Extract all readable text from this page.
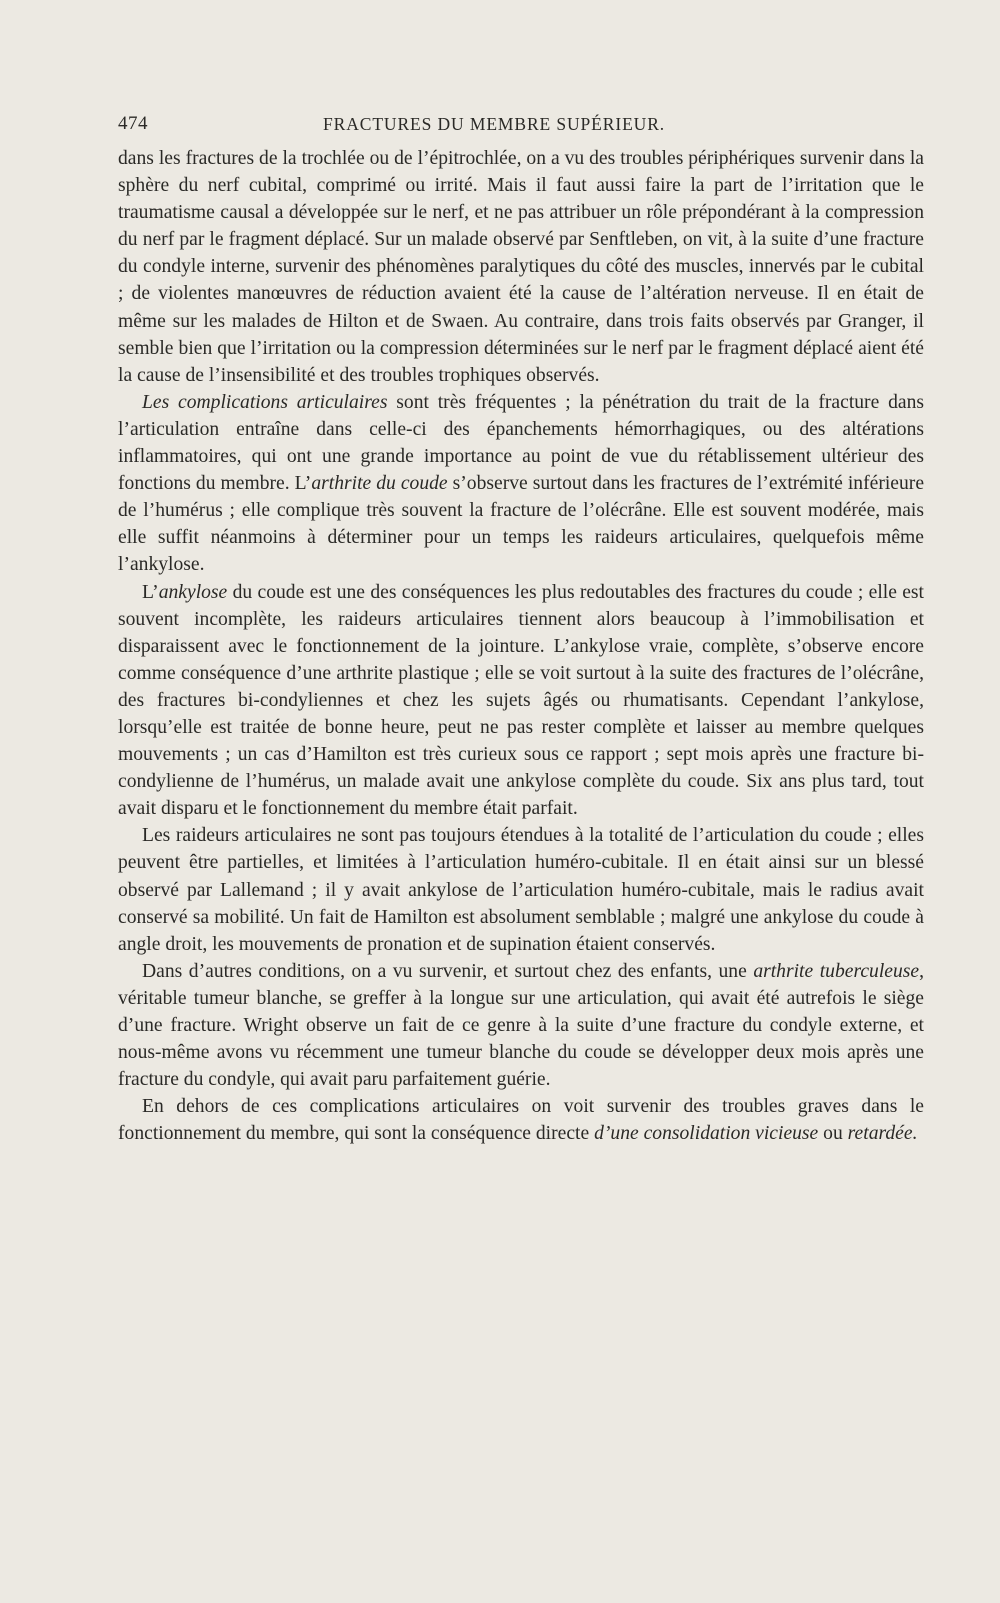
474	FRACTURES DU MEMBRE SUPÉRIEUR.

dans les fractures de la trochlée ou de l’épitrochlée, on a vu des troubles périphériques survenir dans la sphère du nerf cubital, comprimé ou irrité. Mais il faut aussi faire la part de l’irritation que le traumatisme causal a développée sur le nerf, et ne pas attribuer un rôle prépondérant à la compression du nerf par le fragment déplacé. Sur un malade observé par Senftleben, on vit, à la suite d’une fracture du condyle interne, survenir des phénomènes paralytiques du côté des muscles, innervés par le cubital ; de violentes manœuvres de réduction avaient été la cause de l’altération nerveuse. Il en était de même sur les malades de Hilton et de Swaen. Au contraire, dans trois faits observés par Granger, il semble bien que l’irritation ou la compression déterminées sur le nerf par le fragment déplacé aient été la cause de l’insensibilité et des troubles trophiques observés.

Les complications articulaires sont très fréquentes ; la pénétration du trait de la fracture dans l’articulation entraîne dans celle-ci des épanchements hémorrhagiques, ou des altérations inflammatoires, qui ont une grande importance au point de vue du rétablissement ultérieur des fonctions du membre. L’arthrite du coude s’observe surtout dans les fractures de l’extrémité inférieure de l’humérus ; elle complique très souvent la fracture de l’olécrâne. Elle est souvent modérée, mais elle suffit néanmoins à déterminer pour un temps les raideurs articulaires, quelquefois même l’ankylose.

L’ankylose du coude est une des conséquences les plus redoutables des fractures du coude ; elle est souvent incomplète, les raideurs articulaires tiennent alors beaucoup à l’immobilisation et disparaissent avec le fonctionnement de la jointure. L’ankylose vraie, complète, s’observe encore comme conséquence d’une arthrite plastique ; elle se voit surtout à la suite des fractures de l’olécrâne, des fractures bi-condyliennes et chez les sujets âgés ou rhumatisants. Cependant l’ankylose, lorsqu’elle est traitée de bonne heure, peut ne pas rester complète et laisser au membre quelques mouvements ; un cas d’Hamilton est très curieux sous ce rapport ; sept mois après une fracture bi-condylienne de l’humérus, un malade avait une ankylose complète du coude. Six ans plus tard, tout avait disparu et le fonctionnement du membre était parfait.

Les raideurs articulaires ne sont pas toujours étendues à la totalité de l’articulation du coude ; elles peuvent être partielles, et limitées à l’articulation huméro-cubitale. Il en était ainsi sur un blessé observé par Lallemand ; il y avait ankylose de l’articulation huméro-cubitale, mais le radius avait conservé sa mobilité. Un fait de Hamilton est absolument semblable ; malgré une ankylose du coude à angle droit, les mouvements de pronation et de supination étaient conservés.

Dans d’autres conditions, on a vu survenir, et surtout chez des enfants, une arthrite tuberculeuse, véritable tumeur blanche, se greffer à la longue sur une articulation, qui avait été autrefois le siège d’une fracture. Wright observe un fait de ce genre à la suite d’une fracture du condyle externe, et nous-même avons vu récemment une tumeur blanche du coude se développer deux mois après une fracture du condyle, qui avait paru parfaitement guérie.

En dehors de ces complications articulaires on voit survenir des troubles graves dans le fonctionnement du membre, qui sont la conséquence directe d’une consolidation vicieuse ou retardée.
